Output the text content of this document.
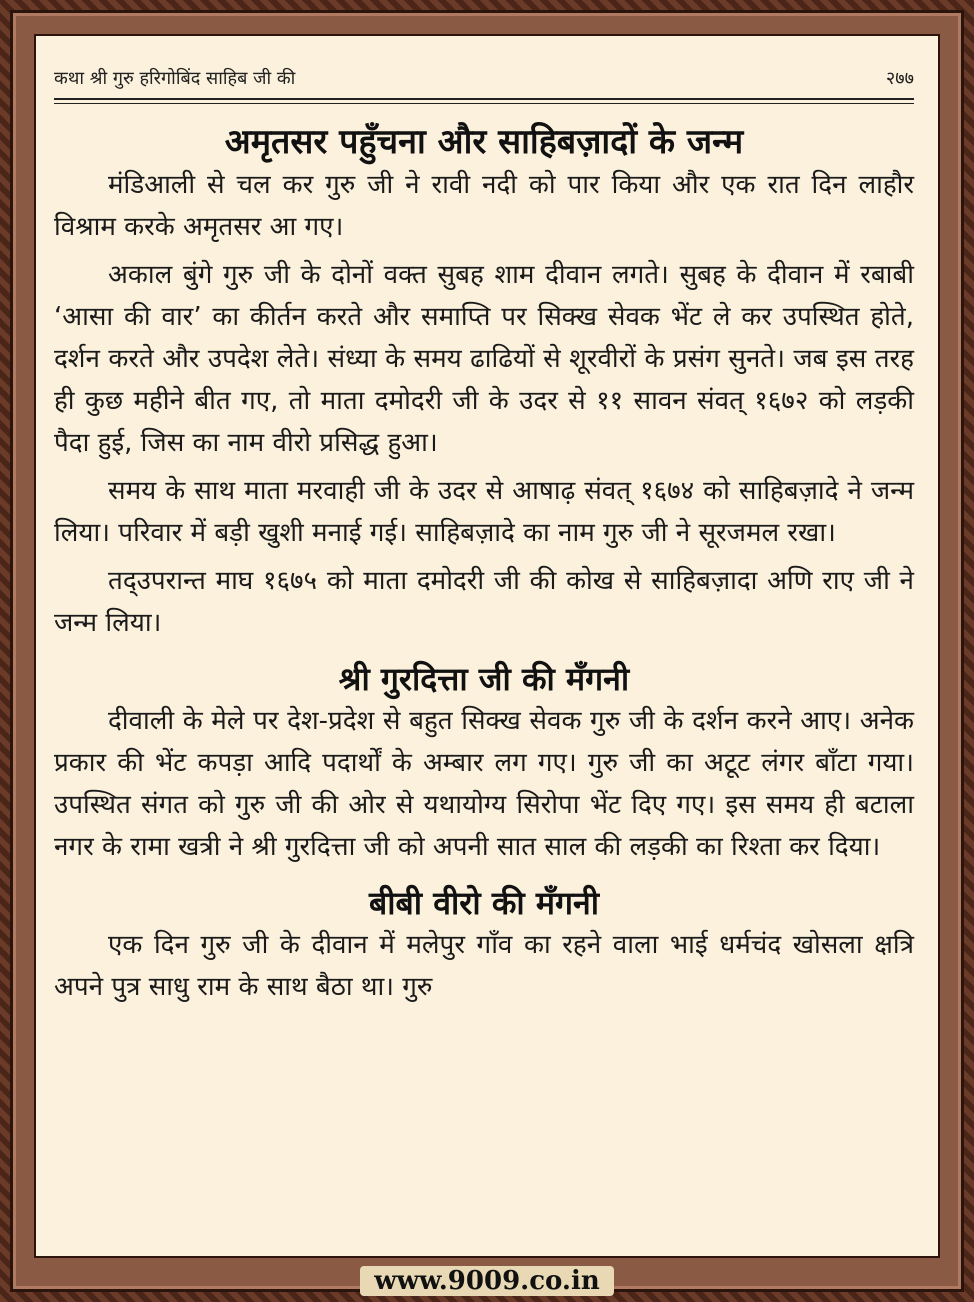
कथा श्री गुरु हरिगोबिंद साहिब जी की	२७७
अमृतसर पहुँचना और साहिबज़ादों के जन्म

मंडिआली से चल कर गुरु जी ने रावी नदी को पार किया और एक रात दिन लाहौर विश्राम करके अमृतसर आ गए।

अकाल बुंगे गुरु जी के दोनों वक्त सुबह शाम दीवान लगते। सुबह के दीवान में रबाबी ‘आसा की वार’ का कीर्तन करते और समाप्ति पर सिक्ख सेवक भेंट ले कर उपस्थित होते, दर्शन करते और उपदेश लेते। संध्या के समय ढाढियों से शूरवीरों के प्रसंग सुनते। जब इस तरह ही कुछ महीने बीत गए, तो माता दमोदरी जी के उदर से ११ सावन संवत् १६७२ को लड़की पैदा हुई, जिस का नाम वीरो प्रसिद्ध हुआ।

समय के साथ माता मरवाही जी के उदर से आषाढ़ संवत् १६७४ को साहिबज़ादे ने जन्म लिया। परिवार में बड़ी खुशी मनाई गई। साहिबज़ादे का नाम गुरु जी ने सूरजमल रखा।

तद्उपरान्त माघ १६७५ को माता दमोदरी जी की कोख से साहिबज़ादा अणि राए जी ने जन्म लिया।

श्री गुरदित्ता जी की मँगनी

दीवाली के मेले पर देश-प्रदेश से बहुत सिक्ख सेवक गुरु जी के दर्शन करने आए। अनेक प्रकार की भेंट कपड़ा आदि पदार्थों के अम्बार लग गए। गुरु जी का अटूट लंगर बाँटा गया। उपस्थित संगत को गुरु जी की ओर से यथायोग्य सिरोपा भेंट दिए गए। इस समय ही बटाला नगर के रामा खत्री ने श्री गुरदित्ता जी को अपनी सात साल की लड़की का रिश्ता कर दिया।

बीबी वीरो की मँगनी

एक दिन गुरु जी के दीवान में मलेपुर गाँव का रहने वाला भाई धर्मचंद खोसला क्षत्रि अपने पुत्र साधु राम के साथ बैठा था। गुरु

www.9009.co.in
